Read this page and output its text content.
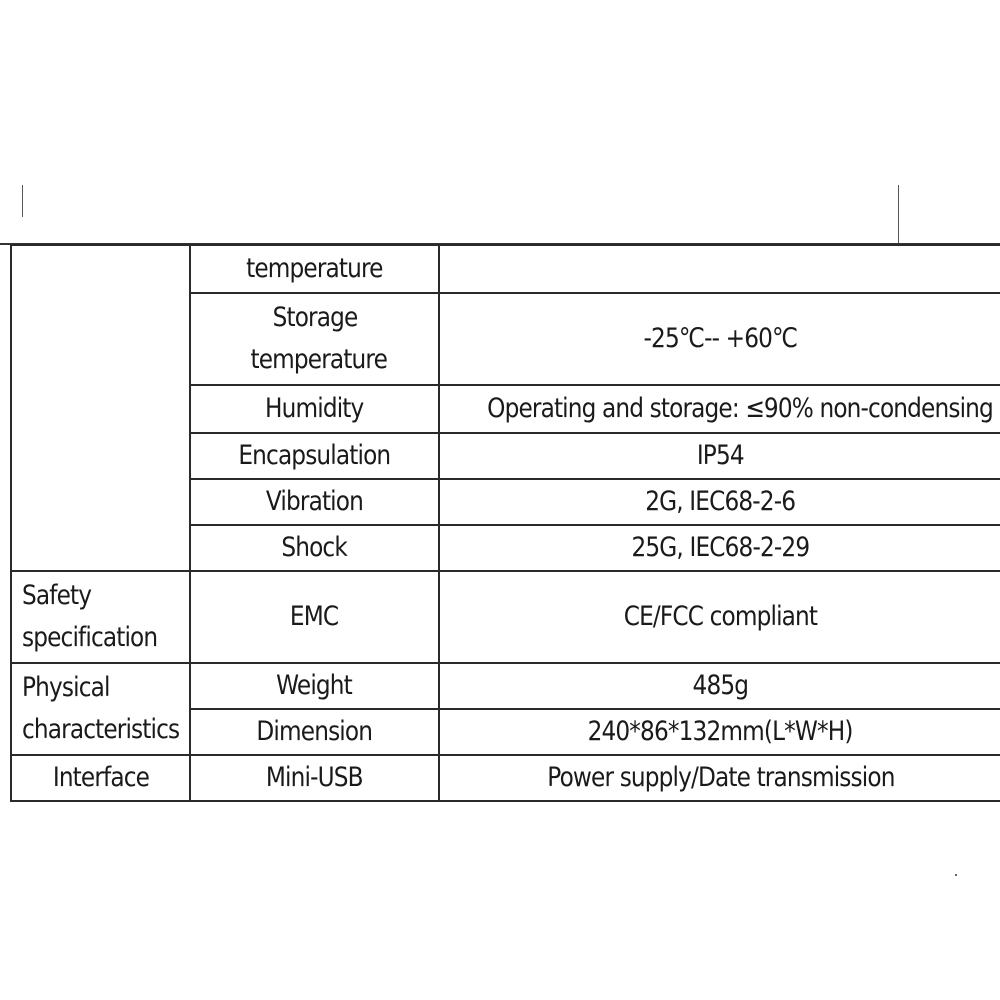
	temperature	
	Storage temperature	-25℃-- +60℃
	Humidity	Operating and storage: ≤90% non-condensing
	Encapsulation	IP54
	Vibration	2G, IEC68-2-6
	Shock	25G, IEC68-2-29
Safety specification	EMC	CE/FCC compliant
Physical characteristics	Weight	485g
	Dimension	240*86*132mm(L*W*H)
Interface	Mini-USB	Power supply/Date transmission
